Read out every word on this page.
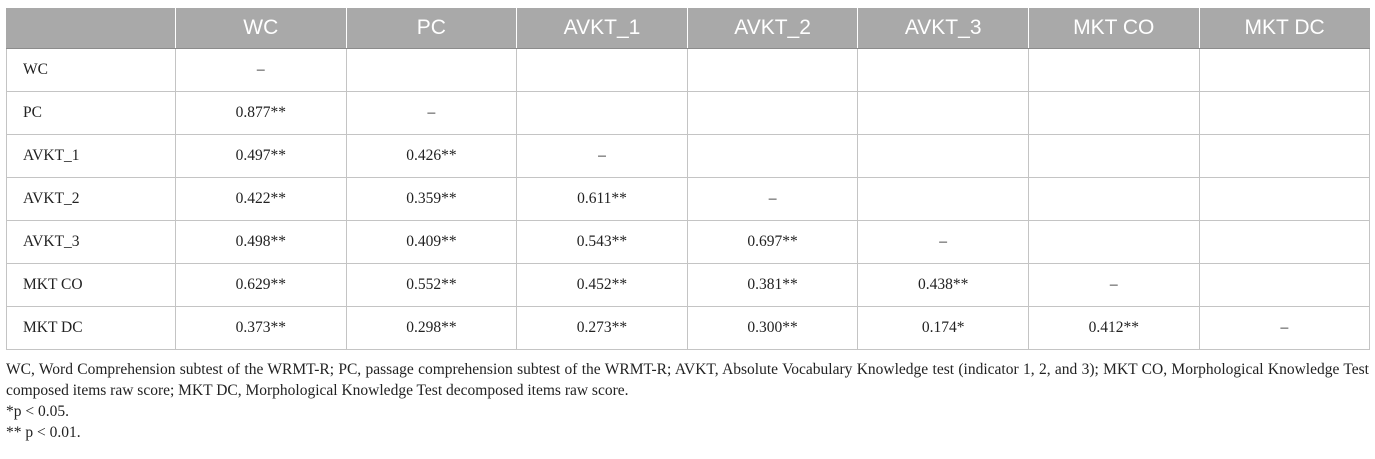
	WC	PC	AVKT_1	AVKT_2	AVKT_3	MKT CO	MKT DC
WC	–						
PC	0.877**	–					
AVKT_1	0.497**	0.426**	–				
AVKT_2	0.422**	0.359**	0.611**	–			
AVKT_3	0.498**	0.409**	0.543**	0.697**	–		
MKT CO	0.629**	0.552**	0.452**	0.381**	0.438**	–	
MKT DC	0.373**	0.298**	0.273**	0.300**	0.174*	0.412**	–

WC, Word Comprehension subtest of the WRMT-R; PC, passage comprehension subtest of the WRMT-R; AVKT, Absolute Vocabulary Knowledge test (indicator 1, 2, and 3); MKT CO, Morphological Knowledge Test composed items raw score; MKT DC, Morphological Knowledge Test decomposed items raw score.

*p < 0.05.

** p < 0.01.
